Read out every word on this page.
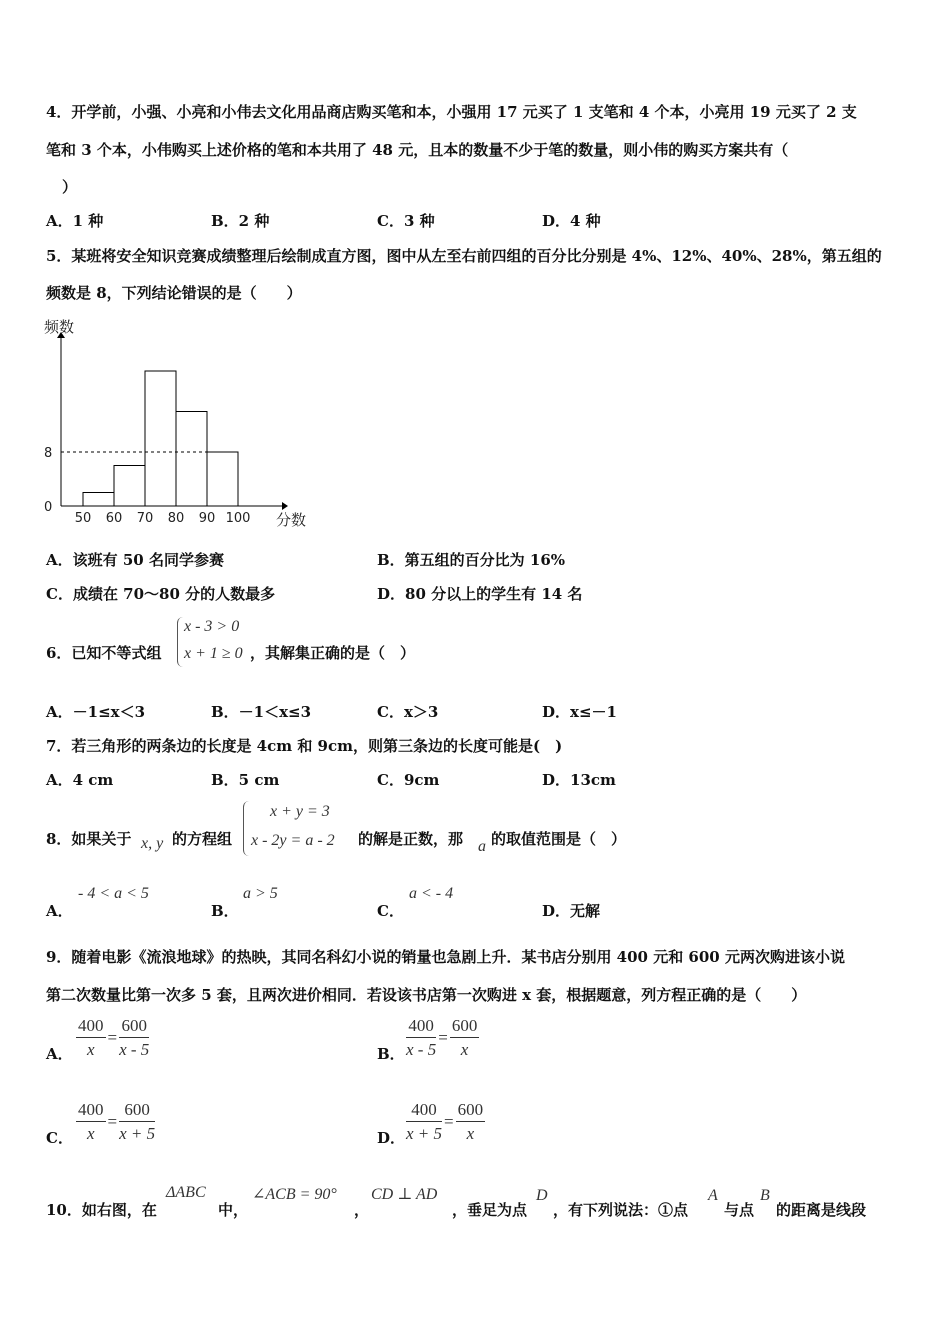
4．开学前，小强、小亮和小伟去文化用品商店购买笔和本，小强用 17 元买了 1 支笔和 4 个本，小亮用 19 元买了 2 支
笔和 3 个本，小伟购买上述价格的笔和本共用了 48 元，且本的数量不少于笔的数量，则小伟的购买方案共有（
）
A．1 种	B．2 种	C．3 种	D．4 种
5．某班将安全知识竞赛成绩整理后绘制成直方图，图中从左至右前四组的百分比分别是 4%、12%、40%、28%，第五组的
频数是 8，下列结论错误的是（　　）
0
8
50 60 70 80 90 100 分数
频数
A．该班有 50 名同学参赛	B．第五组的百分比为 16%
C．成绩在 70～80 分的人数最多	D．80 分以上的学生有 14 名
6．已知不等式组
x - 3 > 0
x + 1 ≥ 0 ，其解集正确的是（　）
A．－1≤x＜3	B．－1＜x≤3	C．x＞3	D．x≤－1
7．若三角形的两条边的长度是 4cm 和 9cm，则第三条边的长度可能是(　)
A．4 cm	B．5 cm	C．9cm	D．13cm
8．如果关于 x, y 的方程组
x + y = 3
x - 2y = a - 2 的解是正数，那 a 的取值范围是（　）
A．
- 4 < a < 5
B．
a > 5
C．
a < - 4
D．无解
9．随着电影《流浪地球》的热映，其同名科幻小说的销量也急剧上升．某书店分别用 400 元和 600 元两次购进该小说
第二次数量比第一次多 5 套，且两次进价相同．若设该书店第一次购进 x 套，根据题意，列方程正确的是（　　）
A． $\frac{400}{x} = \frac{600}{x - 5}$	B． $\frac{400}{x - 5} = \frac{600}{x}$
C． $\frac{400}{x} = \frac{600}{x + 5}$	D． $\frac{400}{x + 5} = \frac{600}{x}$
10．如右图，在
ΔABC
中，
∠ACB = 90°
，
CD ⊥ AD
，垂足为点
D
，有下列说法：①点
A
与点
B
的距离是线段
